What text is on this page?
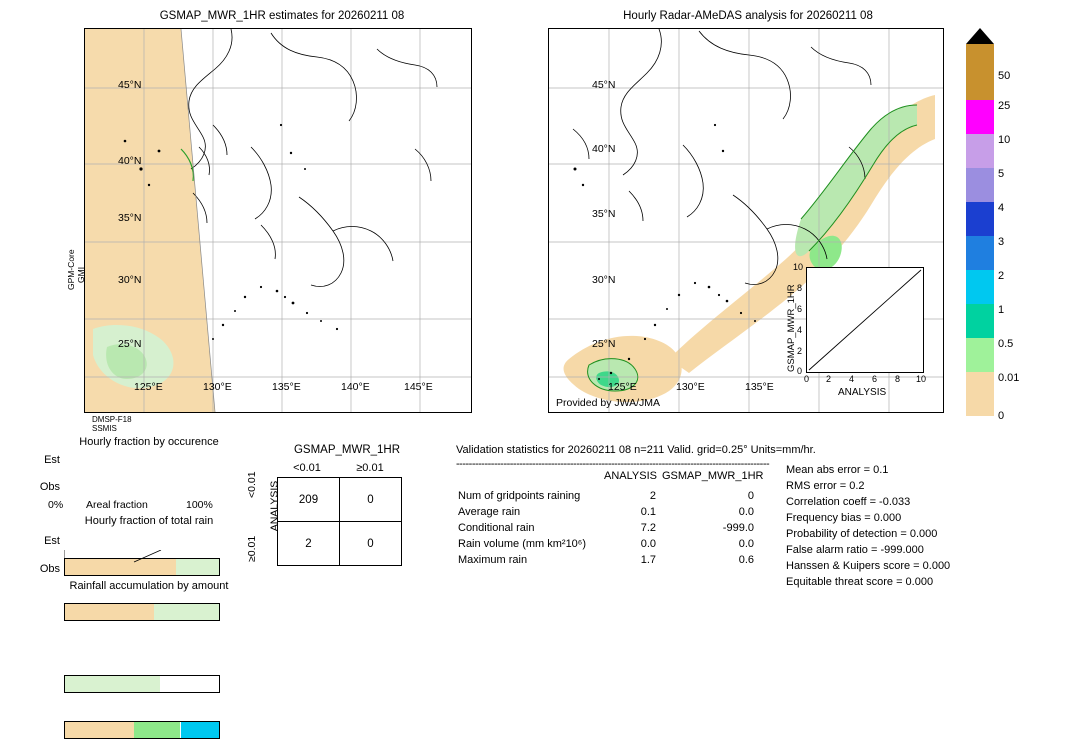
GSMAP_MWR_1HR estimates for 20260211 08
45°N
40°N
35°N
30°N
25°N
125°E	130°E	135°E	140°E	145°E
GPM-Core GMI
DMSP-F18
SSMIS
Hourly Radar-AMeDAS analysis for 20260211 08
45°N
40°N
35°N
30°N
25°N
125°E	130°E	135°E
Provided by JWA/JMA
10
8
6
4
2
0
0 2 4 6 8 10
ANALYSIS
GSMAP_MWR_1HR
50
25
10
5
4
3
2
1
0.5
0.01
0
Hourly fraction by occurence
Est
Obs
0% Areal fraction	100%
Hourly fraction of total rain
Est
Obs
Rainfall accumulation by amount
GSMAP_MWR_1HR
<0.01	≥0.01
ANALYSIS
<0.01
≥0.01
209	0
2	0
Validation statistics for 20260211 08 n=211 Valid. grid=0.25° Units=mm/hr.
---------------------------------------------------------------------------------------------------
ANALYSIS GSMAP_MWR_1HR
Num of gridpoints raining	2	0
Average rain	0.1	0.0
Conditional rain	7.2	-999.0
Rain volume (mm km²10⁶)	0.0	0.0
Maximum rain	1.7	0.6
Mean abs error = 0.1
RMS error = 0.2
Correlation coeff = -0.033
Frequency bias = 0.000
Probability of detection = 0.000
False alarm ratio = -999.000
Hanssen & Kuipers score = 0.000
Equitable threat score = 0.000
